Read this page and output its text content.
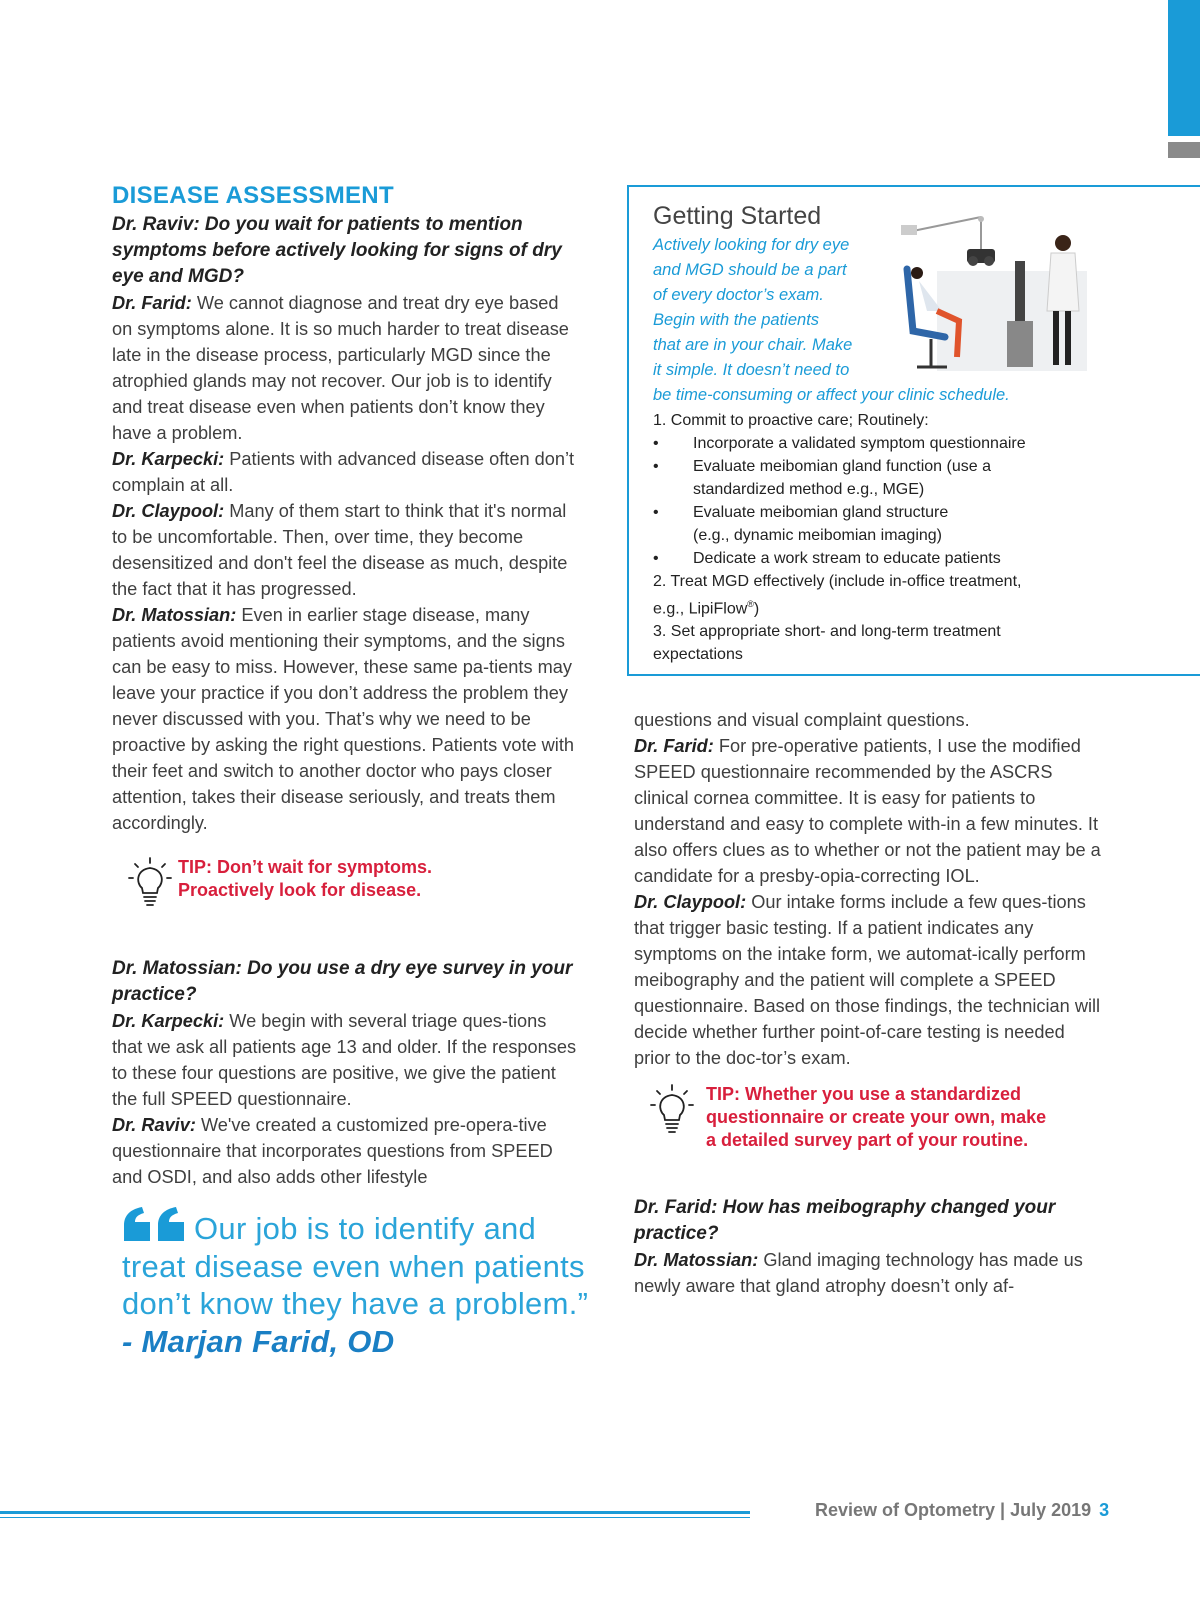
DISEASE ASSESSMENT

Dr. Raviv: Do you wait for patients to mention symptoms before actively looking for signs of dry eye and MGD?

Dr. Farid: We cannot diagnose and treat dry eye based on symptoms alone. It is so much harder to treat disease late in the disease process, particularly MGD since the atrophied glands may not recover. Our job is to identify and treat disease even when patients don’t know they have a problem.

Dr. Karpecki: Patients with advanced disease often don’t complain at all.

Dr. Claypool: Many of them start to think that it's normal to be uncomfortable. Then, over time, they become desensitized and don't feel the disease as much, despite the fact that it has progressed.

Dr. Matossian: Even in earlier stage disease, many patients avoid mentioning their symptoms, and the signs can be easy to miss. However, these same pa-tients may leave your practice if you don’t address the problem they never discussed with you. That’s why we need to be proactive by asking the right questions. Patients vote with their feet and switch to another doctor who pays closer attention, takes their disease seriously, and treats them accordingly.

TIP: Don’t wait for symptoms.
Proactively look for disease.

Dr. Matossian: Do you use a dry eye survey in your practice?

Dr. Karpecki: We begin with several triage ques-tions that we ask all patients age 13 and older. If the responses to these four questions are positive, we give the patient the full SPEED questionnaire.

Dr. Raviv: We've created a customized pre-opera-tive questionnaire that incorporates questions from SPEED and OSDI, and also adds other lifestyle

Our job is to identify and treat disease even when patients don’t know they have a problem.” - Marjan Farid, OD
Getting Started
Actively looking for dry eye
and MGD should be a part
of every doctor’s exam.
Begin with the patients
that are in your chair. Make
it simple. It doesn’t need to
be time-consuming or affect your clinic schedule.
1. Commit to proactive care; Routinely:
• Incorporate a validated symptom questionnaire
• Evaluate meibomian gland function (use a
standardized method e.g., MGE)
• Evaluate meibomian gland structure
(e.g., dynamic meibomian imaging)
• Dedicate a work stream to educate patients
2. Treat MGD effectively (include in-office treatment,
e.g., LipiFlow®)
3. Set appropriate short- and long-term treatment
expectations

questions and visual complaint questions.

Dr. Farid: For pre-operative patients, I use the modified SPEED questionnaire recommended by the ASCRS clinical cornea committee. It is easy for patients to understand and easy to complete with-in a few minutes. It also offers clues as to whether or not the patient may be a candidate for a presby-opia-correcting IOL.

Dr. Claypool: Our intake forms include a few ques-tions that trigger basic testing. If a patient indicates any symptoms on the intake form, we automat-ically perform meibography and the patient will complete a SPEED questionnaire. Based on those findings, the technician will decide whether further point-of-care testing is needed prior to the doc-tor’s exam.

TIP: Whether you use a standardized
questionnaire or create your own, make
a detailed survey part of your routine.

Dr. Farid: How has meibography changed your practice?

Dr. Matossian: Gland imaging technology has made us newly aware that gland atrophy doesn’t only af-

Review of Optometry | July 2019 3
